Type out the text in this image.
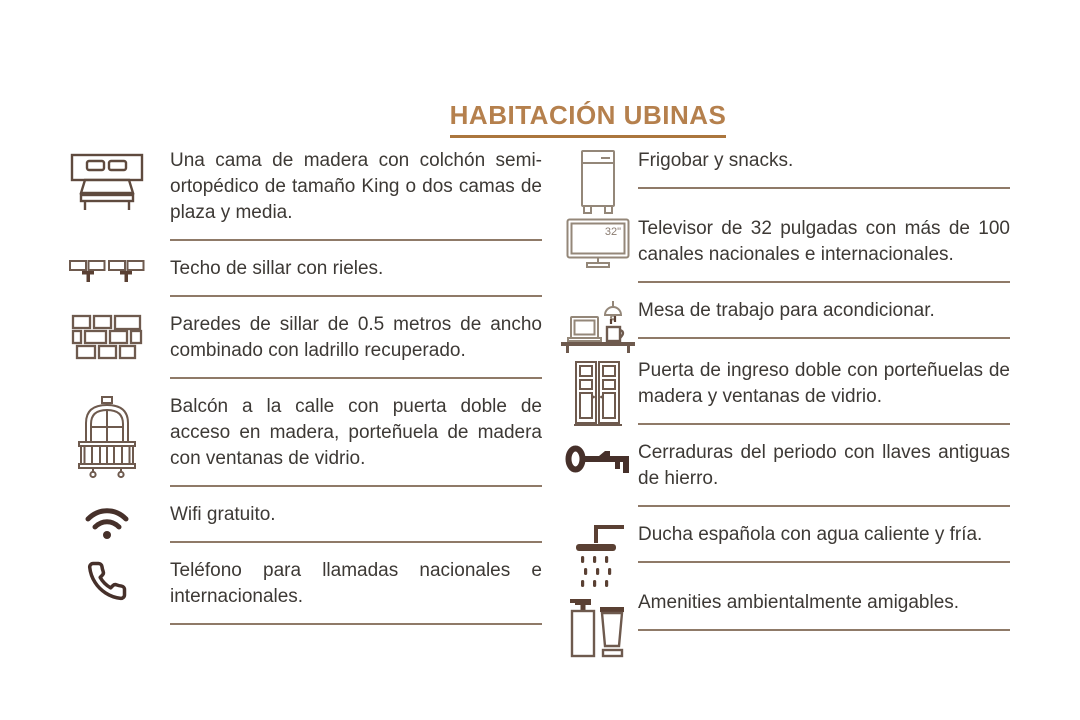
HABITACIÓN UBINAS

Una cama de madera con colchón semi-ortopédico de tamaño King o dos camas de plaza y media.

Techo de sillar con rieles.

Paredes de sillar de 0.5 metros de ancho combinado con ladrillo recuperado.

Balcón a la calle con puerta doble de acceso en madera, porteñuela de madera con ventanas de vidrio.

Wifi gratuito.

Teléfono para llamadas nacionales e internacionales.

Frigobar y snacks.

32" Televisor de 32 pulgadas con más de 100 canales nacionales e internacionales.

Mesa de trabajo para acondicionar.

Puerta de ingreso doble con porteñuelas de madera y ventanas de vidrio.

Cerraduras del periodo con llaves antiguas de hierro.

Ducha española con agua caliente y fría.

Amenities ambientalmente amigables.
